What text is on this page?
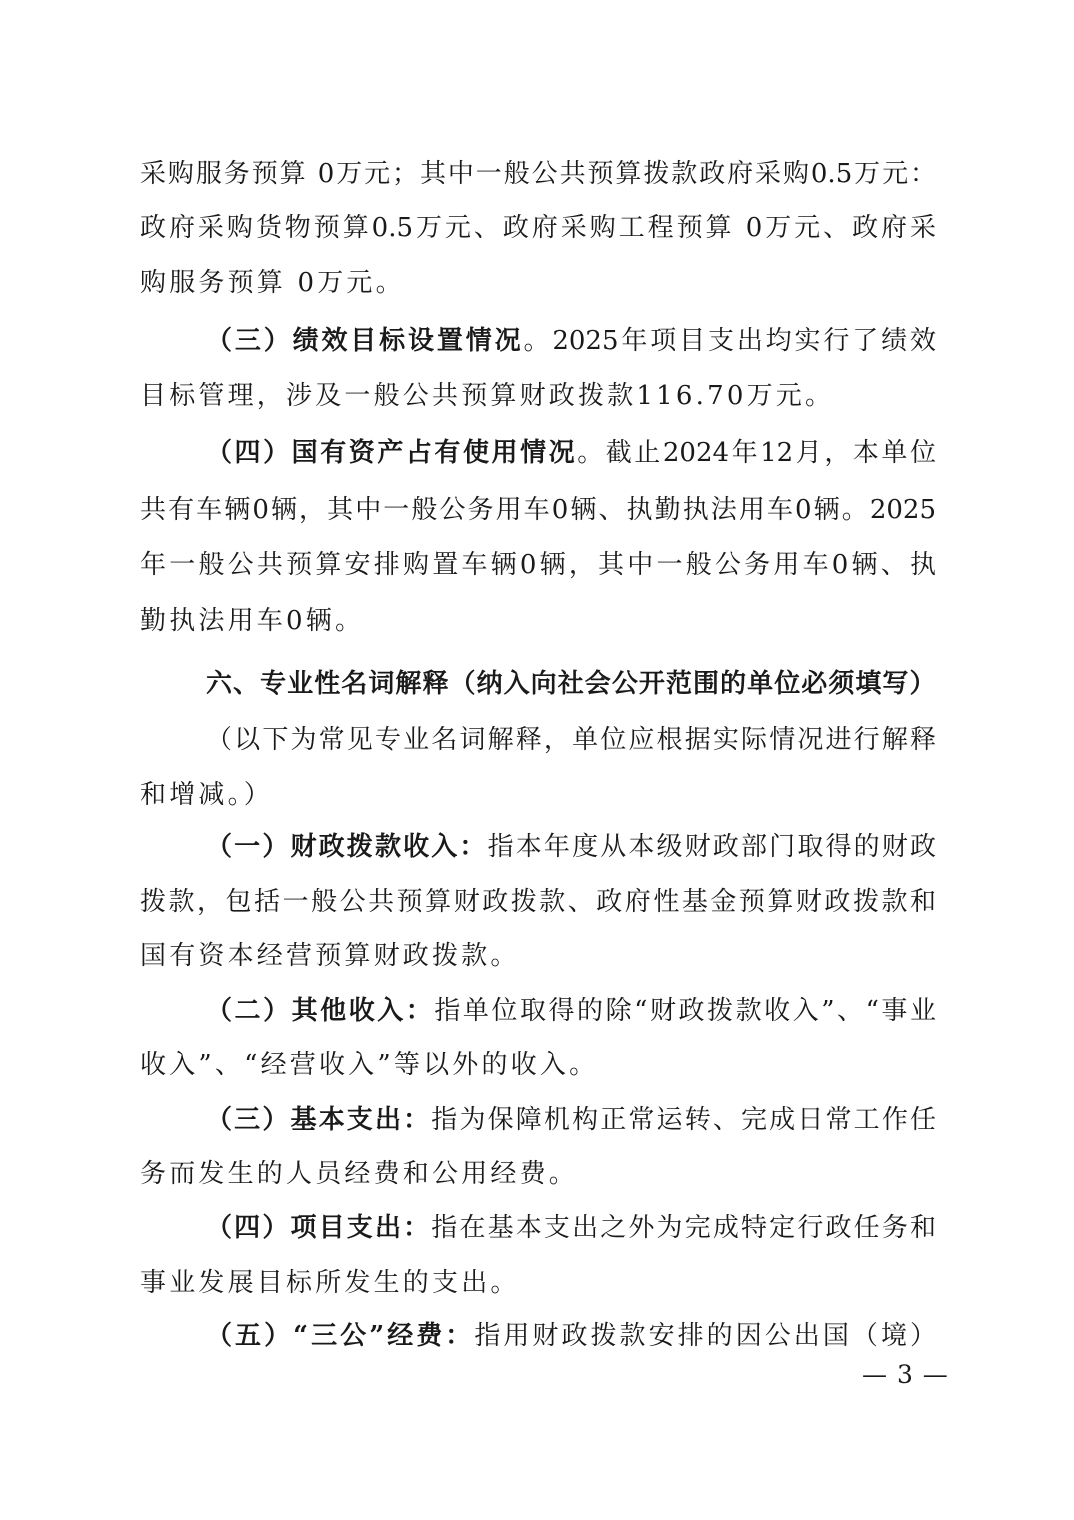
采购服务预算 0万元；其中一般公共预算拨款政府采购0.5万元：
政府采购货物预算0.5万元、政府采购工程预算 0万元、政府采
购服务预算 0万元。
（三）绩效目标设置情况。2025年项目支出均实行了绩效
目标管理，涉及一般公共预算财政拨款116.70万元。
（四）国有资产占有使用情况。截止2024年12月，本单位
共有车辆0辆，其中一般公务用车0辆、执勤执法用车0辆。2025
年一般公共预算安排购置车辆0辆，其中一般公务用车0辆、执
勤执法用车0辆。
六、专业性名词解释（纳入向社会公开范围的单位必须填写）
（以下为常见专业名词解释，单位应根据实际情况进行解释
和增减。）
（一）财政拨款收入：指本年度从本级财政部门取得的财政
拨款，包括一般公共预算财政拨款、政府性基金预算财政拨款和
国有资本经营预算财政拨款。
（二）其他收入：指单位取得的除“财政拨款收入”、“事业
收入”、“经营收入”等以外的收入。
（三）基本支出：指为保障机构正常运转、完成日常工作任
务而发生的人员经费和公用经费。
（四）项目支出：指在基本支出之外为完成特定行政任务和
事业发展目标所发生的支出。
（五）“三公”经费：指用财政拨款安排的因公出国（境）
— 3 —
